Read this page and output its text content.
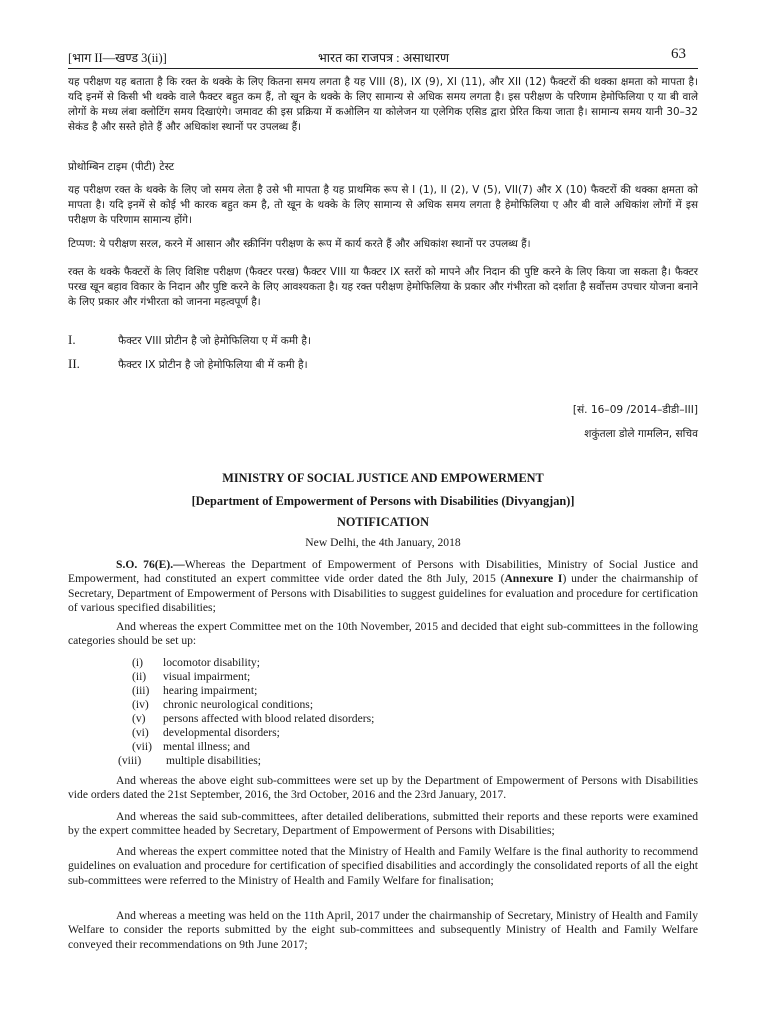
[भाग II—खण्ड 3(ii)]	भारत का राजपत्र : असाधारण	63

यह परीक्षण यह बताता है कि रक्त के थक्के के लिए कितना समय लगता है यह VIII (8), IX (9), XI (11), और XII (12) फैक्टरों की थक्का क्षमता को मापता है। यदि इनमें से किसी भी थक्के वाले फैक्टर बहुत कम हैं, तो खून के थक्के के लिए सामान्य से अधिक समय लगता है। इस परीक्षण के परिणाम हेमोफिलिया ए या बी वाले लोगों के मध्य लंबा क्लोटिंग समय दिखाएंगे। जमावट की इस प्रक्रिया में कओलिन या कोलेजन या एलेगिक एसिड द्वारा प्रेरित किया जाता है। सामान्य समय यानी 30–32 सेकंड है और सस्ते होते हैं और अधिकांश स्थानों पर उपलब्ध हैं।

प्रोथोम्बिन टाइम (पीटी) टेस्ट

यह परीक्षण रक्त के थक्के के लिए जो समय लेता है उसे भी मापता है यह प्राथमिक रूप से I (1), II (2), V (5), VII(7) और X (10) फैक्टरों की थक्का क्षमता को मापता है। यदि इनमें से कोई भी कारक बहुत कम है, तो खून के थक्के के लिए सामान्य से अधिक समय लगता है हेमोफिलिया ए और बी वाले अधिकांश लोगों में इस परीक्षण के परिणाम सामान्य होंगे।

टिप्पण: ये परीक्षण सरल, करने में आसान और स्क्रीनिंग परीक्षण के रूप में कार्य करते हैं और अधिकांश स्थानों पर उपलब्ध हैं।

रक्त के थक्के फैक्टरों के लिए विशिष्ट परीक्षण (फैक्टर परख) फैक्टर VIII या फैक्टर IX स्तरों को मापने और निदान की पुष्टि करने के लिए किया जा सकता है। फैक्टर परख खून बहाव विकार के निदान और पुष्टि करने के लिए आवश्यकता है। यह रक्त परीक्षण हेमोफिलिया के प्रकार और गंभीरता को दर्शाता है सर्वोत्तम उपचार योजना बनाने के लिए प्रकार और गंभीरता को जानना महत्वपूर्ण है।

I.	फैक्टर VIII प्रोटीन है जो हेमोफिलिया ए में कमी है।
II.	फैक्टर IX प्रोटीन है जो हेमोफिलिया बी में कमी है।
[सं. 16–09 /2014–डीडी–III]
शकुंतला डोले गामलिन, सचिव

MINISTRY OF SOCIAL JUSTICE AND EMPOWERMENT

[Department of Empowerment of Persons with Disabilities (Divyangjan)]

NOTIFICATION

New Delhi, the 4th January, 2018

S.O. 76(E).—Whereas the Department of Empowerment of Persons with Disabilities, Ministry of Social Justice and Empowerment, had constituted an expert committee vide order dated the 8th July, 2015 (Annexure I) under the chairmanship of Secretary, Department of Empowerment of Persons with Disabilities to suggest guidelines for evaluation and procedure for certification of various specified disabilities;

And whereas the expert Committee met on the 10th November, 2015 and decided that eight sub-committees in the following categories should be set up:

(i) locomotor disability;
(ii) visual impairment;
(iii) hearing impairment;
(iv) chronic neurological conditions;
(v) persons affected with blood related disorders;
(vi) developmental disorders;
(vii) mental illness; and
(viii) multiple disabilities;

And whereas the above eight sub-committees were set up by the Department of Empowerment of Persons with Disabilities vide orders dated the 21st September, 2016, the 3rd October, 2016 and the 23rd January, 2017.

And whereas the said sub-committees, after detailed deliberations, submitted their reports and these reports were examined by the expert committee headed by Secretary, Department of Empowerment of Persons with Disabilities;

And whereas the expert committee noted that the Ministry of Health and Family Welfare is the final authority to recommend guidelines on evaluation and procedure for certification of specified disabilities and accordingly the consolidated reports of all the eight sub-committees were referred to the Ministry of Health and Family Welfare for finalisation;

And whereas a meeting was held on the 11th April, 2017 under the chairmanship of Secretary, Ministry of Health and Family Welfare to consider the reports submitted by the eight sub-committees and subsequently Ministry of Health and Family Welfare conveyed their recommendations on 9th June 2017;
